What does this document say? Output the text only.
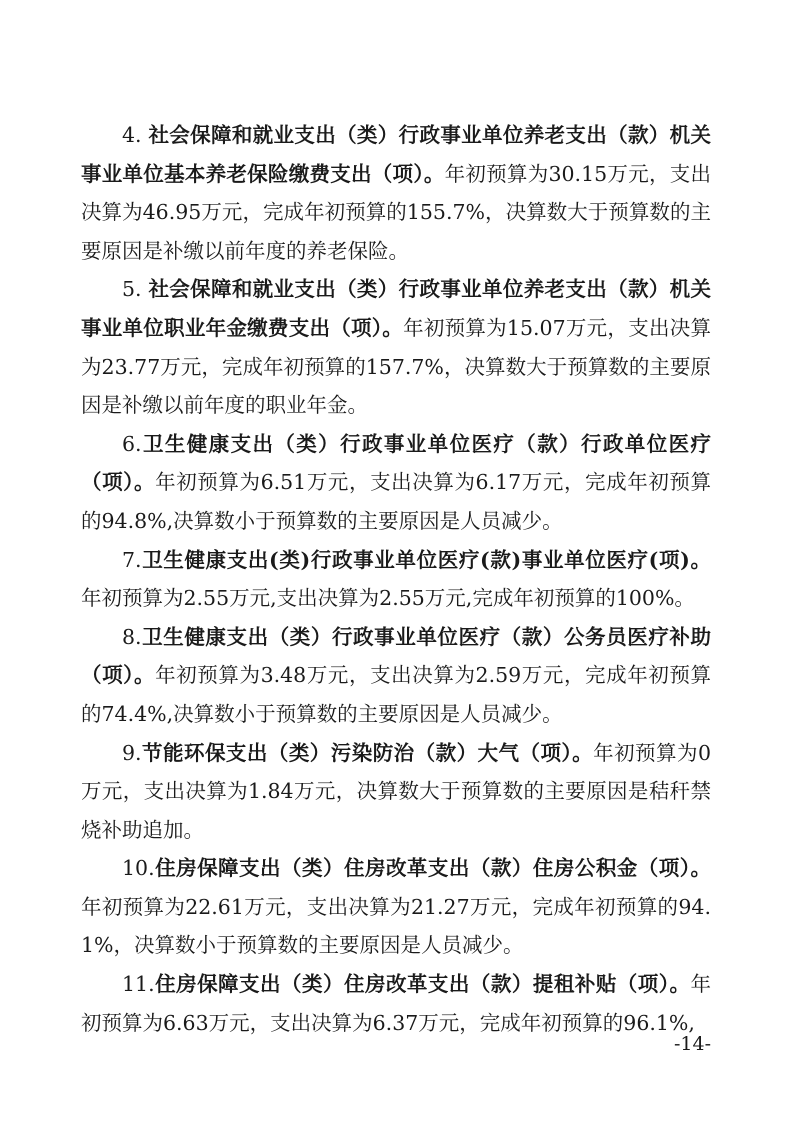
4. 社会保障和就业支出（类）行政事业单位养老支出（款）机关事业单位基本养老保险缴费支出（项）。年初预算为30.15万元，支出决算为46.95万元，完成年初预算的155.7%，决算数大于预算数的主要原因是补缴以前年度的养老保险。

5. 社会保障和就业支出（类）行政事业单位养老支出（款）机关事业单位职业年金缴费支出（项）。年初预算为15.07万元，支出决算为23.77万元，完成年初预算的157.7%，决算数大于预算数的主要原因是补缴以前年度的职业年金。

6.卫生健康支出（类）行政事业单位医疗（款）行政单位医疗（项）。年初预算为6.51万元，支出决算为6.17万元，完成年初预算的94.8%,决算数小于预算数的主要原因是人员减少。

7.卫生健康支出(类)行政事业单位医疗(款)事业单位医疗(项)。年初预算为2.55万元,支出决算为2.55万元,完成年初预算的100%。

8.卫生健康支出（类）行政事业单位医疗（款）公务员医疗补助（项）。年初预算为3.48万元，支出决算为2.59万元，完成年初预算的74.4%,决算数小于预算数的主要原因是人员减少。

9.节能环保支出（类）污染防治（款）大气（项）。年初预算为0万元，支出决算为1.84万元，决算数大于预算数的主要原因是秸秆禁烧补助追加。

10.住房保障支出（类）住房改革支出（款）住房公积金（项）。年初预算为22.61万元，支出决算为21.27万元，完成年初预算的94.1%，决算数小于预算数的主要原因是人员减少。

11.住房保障支出（类）住房改革支出（款）提租补贴（项）。年初预算为6.63万元，支出决算为6.37万元，完成年初预算的96.1%,

-14-
